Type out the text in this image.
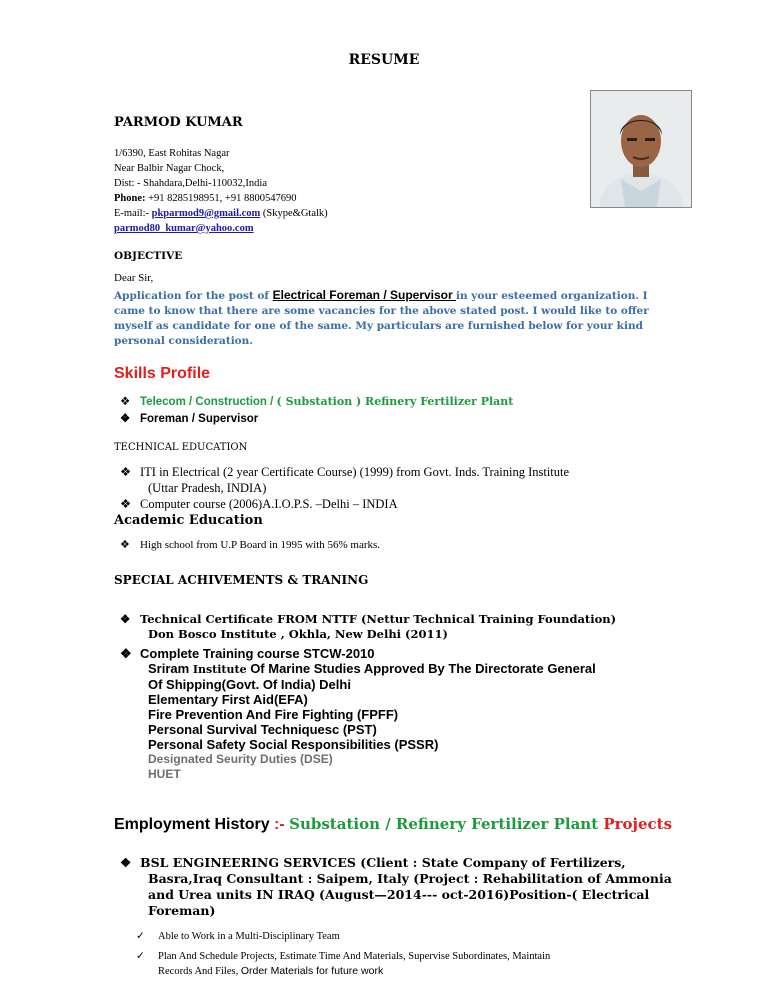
RESUME
PARMOD KUMAR
1/6390, East Rohitas Nagar
Near Balbir Nagar Chock,
Dist: - Shahdara,Delhi-110032,India
Phone: +91 8285198951, +91 8800547690
E-mail:- pkparmod9@gmail.com (Skype&Gtalk)
parmod80_kumar@yahoo.com
OBJECTIVE
Dear Sir,
Application for the post of Electrical Foreman / Supervisor in your esteemed organization. I
came to know that there are some vacancies for the above stated post. I would like to offer
myself as candidate for one of the same. My particulars are furnished below for your kind
personal consideration.
Skills Profile
❖ Telecom / Construction / ( Substation ) Refinery Fertilizer Plant
❖ Foreman / Supervisor
TECHNICAL EDUCATION
❖ ITI in Electrical (2 year Certificate Course) (1999) from Govt. Inds. Training Institute
(Uttar Pradesh, INDIA)
❖ Computer course (2006)A.I.O.P.S. –Delhi – INDIA
Academic Education
❖ High school from U.P Board in 1995 with 56% marks.
SPECIAL ACHIVEMENTS & TRANING
❖ Technical Certificate FROM NTTF (Nettur Technical Training Foundation)
Don Bosco Institute , Okhla, New Delhi (2011)
❖ Complete Training course STCW-2010
Sriram Institute Of Marine Studies Approved By The Directorate General
Of Shipping(Govt. Of India) Delhi
Elementary First Aid(EFA)
Fire Prevention And Fire Fighting (FPFF)
Personal Survival Techniquesc (PST)
Personal Safety Social Responsibilities (PSSR)
Designated Seurity Duties (DSE)
HUET
Employment History :- Substation / Refinery Fertilizer Plant Projects
❖ BSL ENGINEERING SERVICES (Client : State Company of Fertilizers,
Basra,Iraq Consultant : Saipem, Italy (Project : Rehabilitation of Ammonia
and Urea units IN IRAQ (August—2014--- oct-2016)Position-( Electrical
Foreman)
✓ Able to Work in a Multi-Disciplinary Team
✓ Plan And Schedule Projects, Estimate Time And Materials, Supervise Subordinates, Maintain
Records And Files, Order Materials for future work
